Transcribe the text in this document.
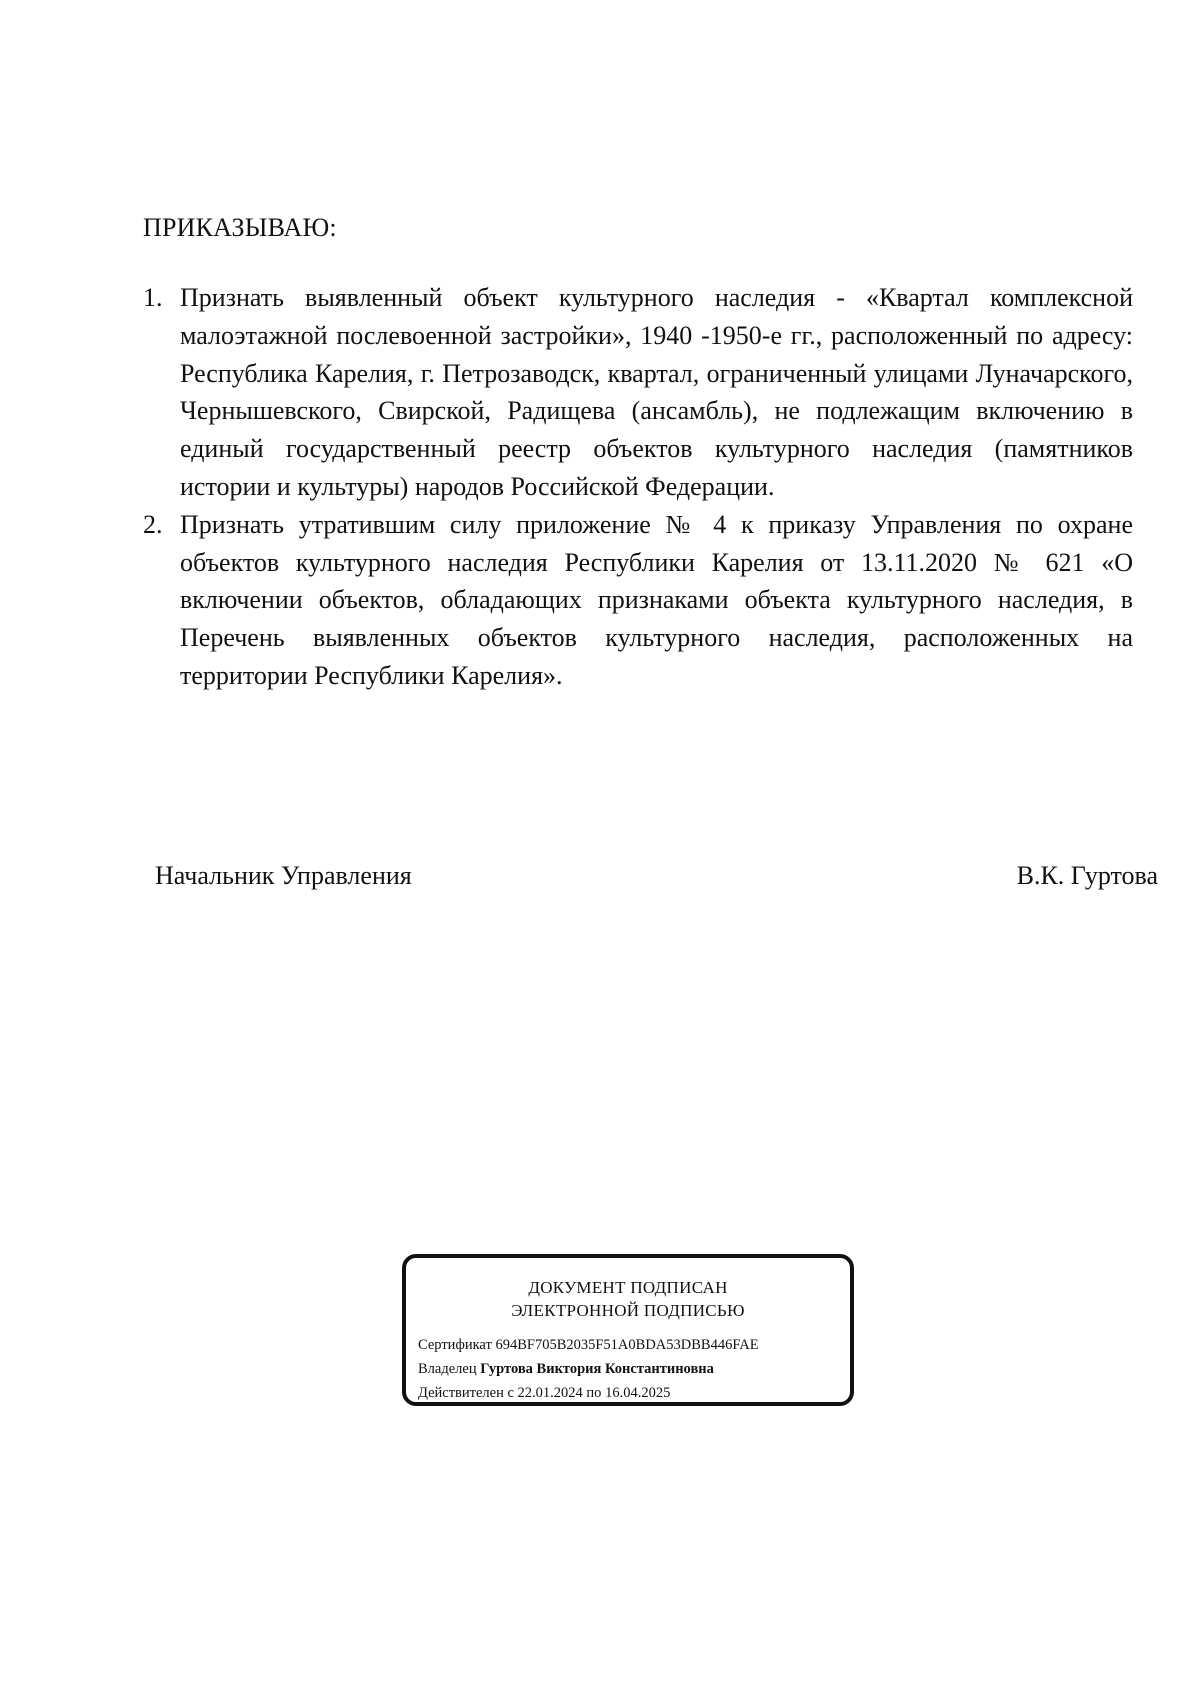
ПРИКАЗЫВАЮ:
1. Признать выявленный объект культурного наследия - «Квартал комплексной малоэтажной послевоенной застройки», 1940 -1950-е гг., расположенный по адресу: Республика Карелия, г. Петрозаводск, квартал, ограниченный улицами Луначарского, Чернышевского, Свирской, Радищева (ансамбль), не подлежащим включению в единый государственный реестр объектов культурного наследия (памятников истории и культуры) народов Российской Федерации.
2. Признать утратившим силу приложение № 4 к приказу Управления по охране объектов культурного наследия Республики Карелия от 13.11.2020 № 621 «О включении объектов, обладающих признаками объекта культурного наследия, в Перечень выявленных объектов культурного наследия, расположенных на территории Республики Карелия».
Начальник Управления	В.К. Гуртова
ДОКУМЕНТ ПОДПИСАН
ЭЛЕКТРОННОЙ ПОДПИСЬЮ
Сертификат 694BF705B2035F51A0BDA53DBB446FAE
Владелец Гуртова Виктория Константиновна
Действителен с 22.01.2024 по 16.04.2025
